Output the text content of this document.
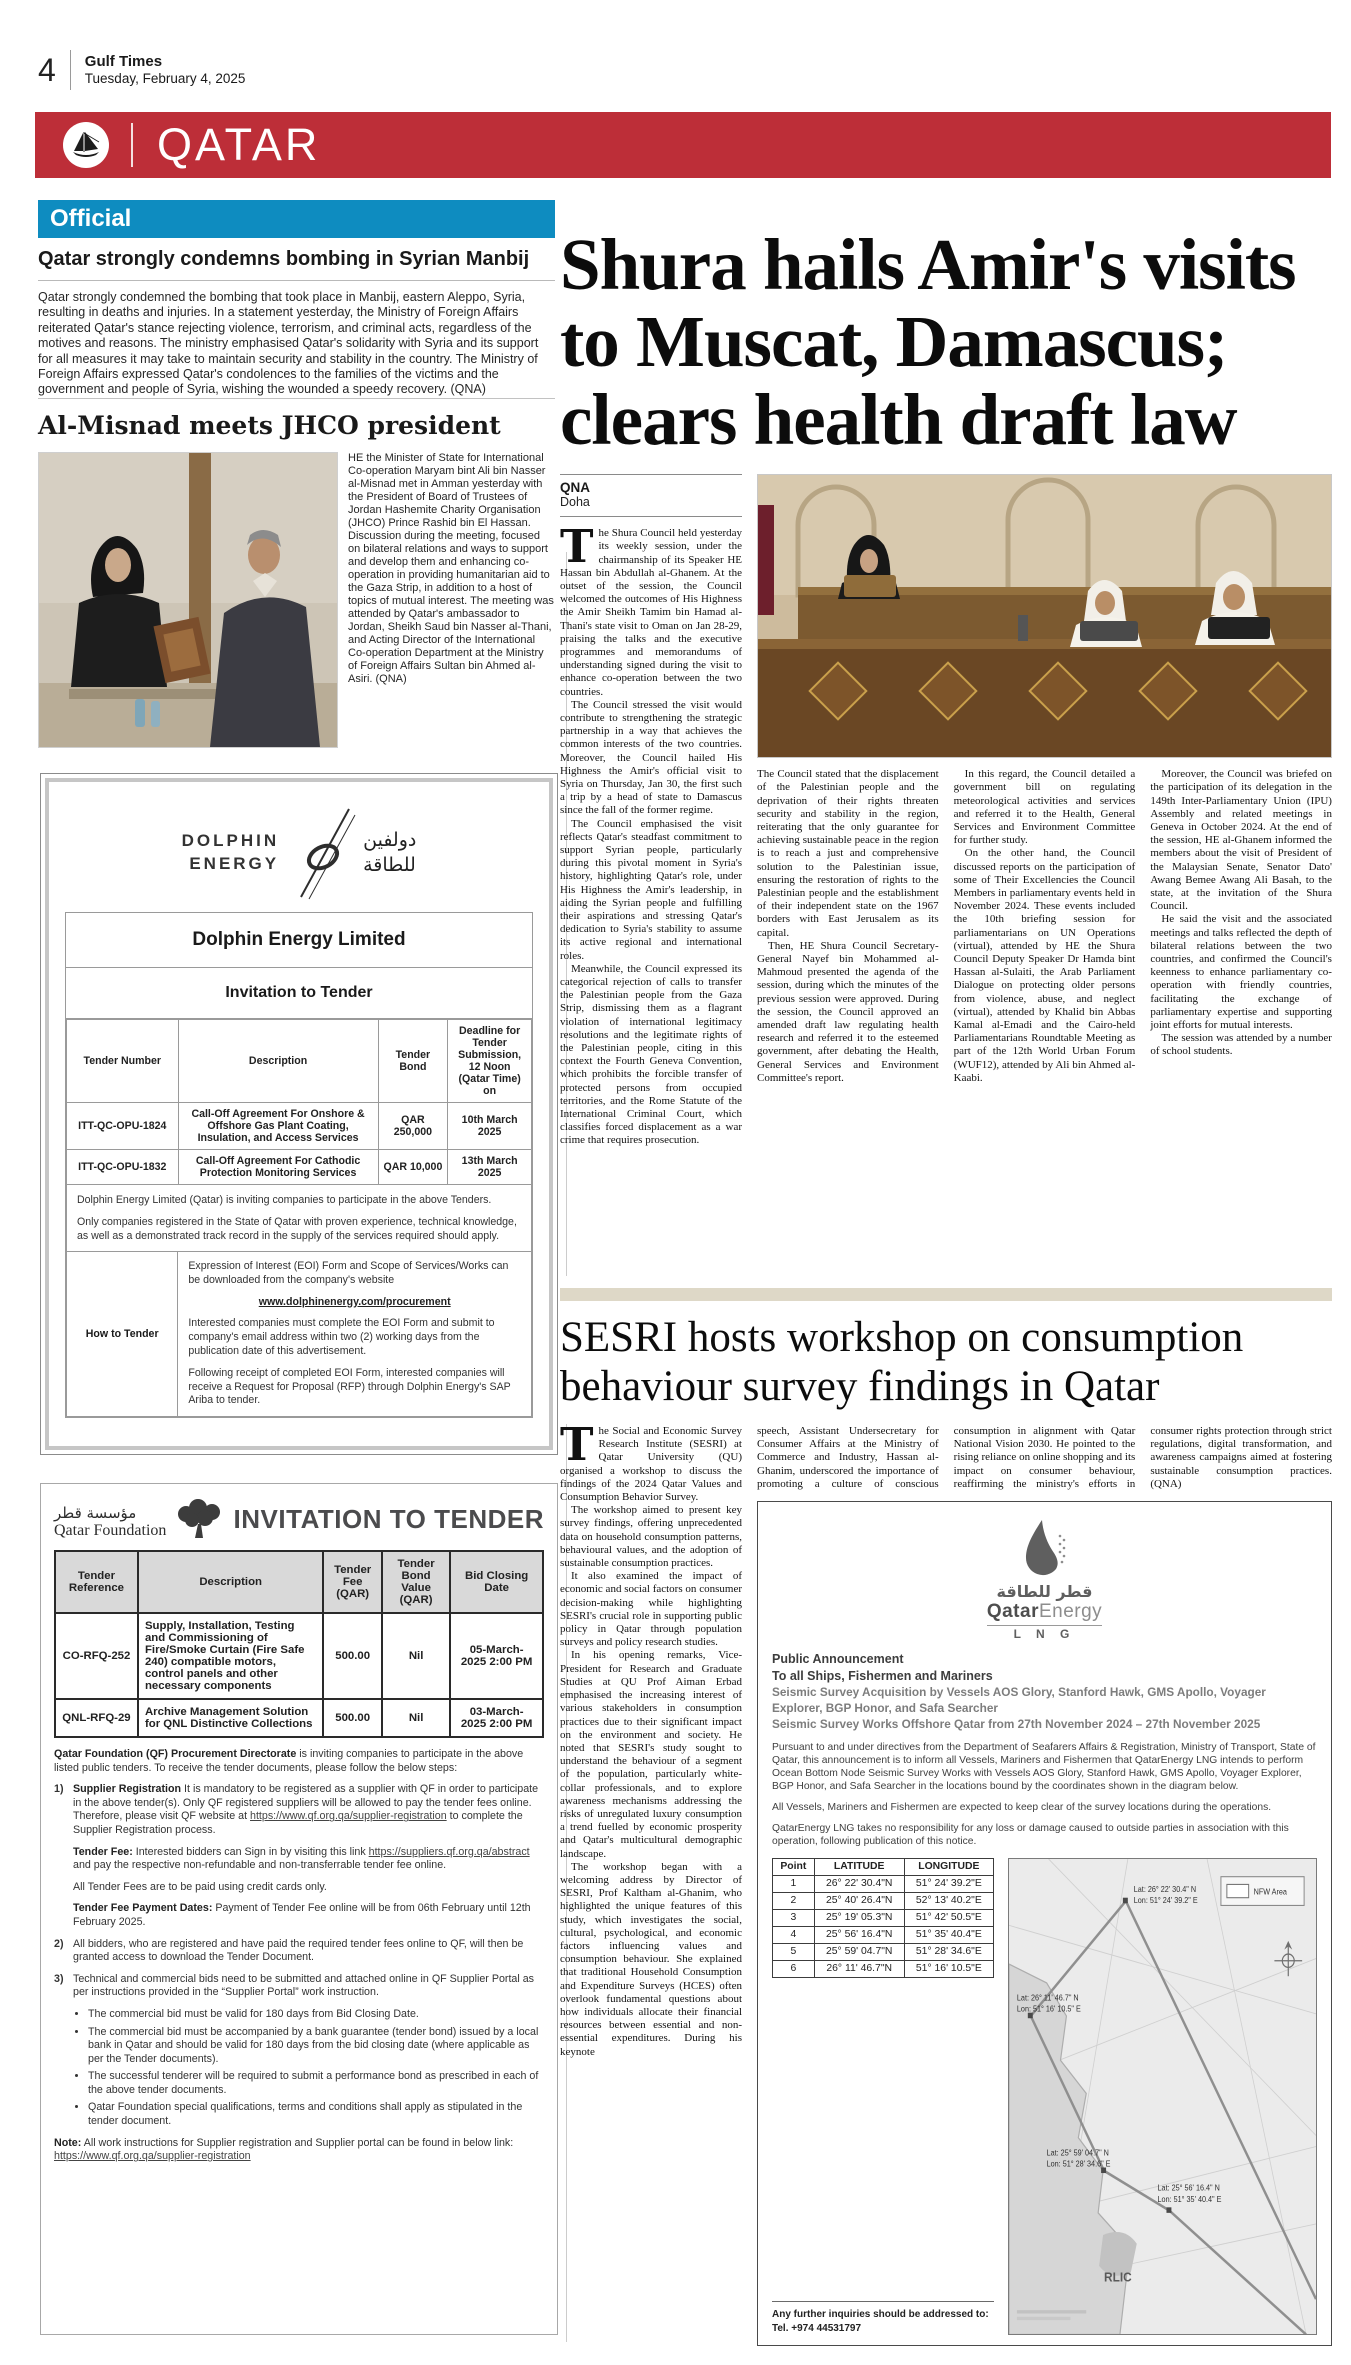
4 Gulf Times
Tuesday, February 4, 2025
QATAR
Official
Qatar strongly condemns bombing in Syrian Manbij
Qatar strongly condemned the bombing that took place in Manbij, eastern Aleppo, Syria, resulting in deaths and injuries. In a statement yesterday, the Ministry of Foreign Affairs reiterated Qatar's stance rejecting violence, terrorism, and criminal acts, regardless of the motives and reasons. The ministry emphasised Qatar's solidarity with Syria and its support for all measures it may take to maintain security and stability in the country. The Ministry of Foreign Affairs expressed Qatar's condolences to the families of the victims and the government and people of Syria, wishing the wounded a speedy recovery. (QNA)
Al-Misnad meets JHCO president
HE the Minister of State for International Co-operation Maryam bint Ali bin Nasser al-Misnad met in Amman yesterday with the President of Board of Trustees of Jordan Hashemite Charity Organisation (JHCO) Prince Rashid bin El Hassan. Discussion during the meeting, focused on bilateral relations and ways to support and develop them and enhancing co-operation in providing humanitarian aid to the Gaza Strip, in addition to a host of topics of mutual interest. The meeting was attended by Qatar's ambassador to Jordan, Sheikh Saud bin Nasser al-Thani, and Acting Director of the International Co-operation Department at the Ministry of Foreign Affairs Sultan bin Ahmed al-Asiri. (QNA)
DOLPHIN
ENERGY
دولفين
للطاقة
Dolphin Energy Limited
Invitation to Tender
Tender Number	Description	Tender Bond	Deadline for Tender Submission, 12 Noon (Qatar Time) on
ITT-QC-OPU-1824	Call-Off Agreement For Onshore & Offshore Gas Plant Coating, Insulation, and Access Services	QAR 250,000	10th March 2025
ITT-QC-OPU-1832	Call-Off Agreement For Cathodic Protection Monitoring Services	QAR 10,000	13th March 2025

Dolphin Energy Limited (Qatar) is inviting companies to participate in the above Tenders.

Only companies registered in the State of Qatar with proven experience, technical knowledge, as well as a demonstrated track record in the supply of the services required should apply.

How to Tender

Expression of Interest (EOI) Form and Scope of Services/Works can be downloaded from the company's website

www.dolphinenergy.com/procurement

Interested companies must complete the EOI Form and submit to company's email address within two (2) working days from the publication date of this advertisement.

Following receipt of completed EOI Form, interested companies will receive a Request for Proposal (RFP) through Dolphin Energy's SAP Ariba to tender.

مؤسسة قطر
Qatar Foundation	INVITATION TO TENDER
Tender Reference	Description	Tender Fee (QAR)	Tender Bond Value (QAR)	Bid Closing Date
CO-RFQ-252	Supply, Installation, Testing and Commissioning of Fire/Smoke Curtain (Fire Safe 240) compatible motors, control panels and other necessary components	500.00	Nil	05-March-2025 2:00 PM
QNL-RFQ-29	Archive Management Solution for QNL Distinctive Collections	500.00	Nil	03-March-2025 2:00 PM

Qatar Foundation (QF) Procurement Directorate is inviting companies to participate in the above listed public tenders. To receive the tender documents, please follow the below steps:

1) Supplier Registration It is mandatory to be registered as a supplier with QF in order to participate in the above tender(s). Only QF registered suppliers will be allowed to pay the tender fees online. Therefore, please visit QF website at https://www.qf.org.qa/supplier-registration to complete the Supplier Registration process.

Tender Fee: Interested bidders can Sign in by visiting this link https://suppliers.qf.org.qa/abstract and pay the respective non-refundable and non-transferrable tender fee online.

All Tender Fees are to be paid using credit cards only.

Tender Fee Payment Dates: Payment of Tender Fee online will be from 06th February until 12th February 2025.

2) All bidders, who are registered and have paid the required tender fees online to QF, will then be granted access to download the Tender Document.
3) Technical and commercial bids need to be submitted and attached online in QF Supplier Portal as per instructions provided in the “Supplier Portal” work instruction.
• The commercial bid must be valid for 180 days from Bid Closing Date.
• The commercial bid must be accompanied by a bank guarantee (tender bond) issued by a local bank in Qatar and should be valid for 180 days from the bid closing date (where applicable as per the Tender documents).
• The successful tenderer will be required to submit a performance bond as prescribed in each of the above tender documents.
• Qatar Foundation special qualifications, terms and conditions shall apply as stipulated in the tender document.

Note: All work instructions for Supplier registration and Supplier portal can be found in below link:
https://www.qf.org.qa/supplier-registration

Shura hails Amir's visits to Muscat, Damascus; clears health draft law
QNA
Doha

The Shura Council held yesterday its weekly session, under the chairmanship of its Speaker HE Hassan bin Abdullah al-Ghanem. At the outset of the session, the Council welcomed the outcomes of His Highness the Amir Sheikh Tamim bin Hamad al-Thani's state visit to Oman on Jan 28-29, praising the talks and the executive programmes and memorandums of understanding signed during the visit to enhance co-operation between the two countries.

The Council stressed the visit would contribute to strengthening the strategic partnership in a way that achieves the common interests of the two countries. Moreover, the Council hailed His Highness the Amir's official visit to Syria on Thursday, Jan 30, the first such a trip by a head of state to Damascus since the fall of the former regime.

The Council emphasised the visit reflects Qatar's steadfast commitment to support Syrian people, particularly during this pivotal moment in Syria's history, highlighting Qatar's role, under His Highness the Amir's leadership, in aiding the Syrian people and fulfilling their aspirations and stressing Qatar's dedication to Syria's stability to assume its active regional and international roles.

Meanwhile, the Council expressed its categorical rejection of calls to transfer the Palestinian people from the Gaza Strip, dismissing them as a flagrant violation of international legitimacy resolutions and the legitimate rights of the Palestinian people, citing in this context the Fourth Geneva Convention, which prohibits the forcible transfer of protected persons from occupied territories, and the Rome Statute of the International Criminal Court, which classifies forced displacement as a war crime that requires prosecution.

The Council stated that the displacement of the Palestinian people and the deprivation of their rights threaten security and stability in the region, reiterating that the only guarantee for achieving sustainable peace in the region is to reach a just and comprehensive solution to the Palestinian issue, ensuring the restoration of rights to the Palestinian people and the establishment of their independent state on the 1967 borders with East Jerusalem as its capital.

Then, HE Shura Council Secretary-General Nayef bin Mohammed al-Mahmoud presented the agenda of the session, during which the minutes of the previous session were approved. During the session, the Council approved an amended draft law regulating health research and referred it to the esteemed government, after debating the Health, General Services and Environment Committee's report.

In this regard, the Council detailed a government bill on regulating meteorological activities and services and referred it to the Health, General Services and Environment Committee for further study.

On the other hand, the Council discussed reports on the participation of some of Their Excellencies the Council Members in parliamentary events held in November 2024. These events included the 10th briefing session for parliamentarians on UN Operations (virtual), attended by HE the Shura Council Deputy Speaker Dr Hamda bint Hassan al-Sulaiti, the Arab Parliament Dialogue on protecting older persons from violence, abuse, and neglect (virtual), attended by Khalid bin Abbas Kamal al-Emadi and the Cairo-held Parliamentarians Roundtable Meeting as part of the 12th World Urban Forum (WUF12), attended by Ali bin Ahmed al-Kaabi.

Moreover, the Council was briefed on the participation of its delegation in the 149th Inter-Parliamentary Union (IPU) Assembly and related meetings in Geneva in October 2024. At the end of the session, HE al-Ghanem informed the members about the visit of President of the Malaysian Senate, Senator Dato' Awang Bemee Awang Ali Basah, to the state, at the invitation of the Shura Council.

He said the visit and the associated meetings and talks reflected the depth of bilateral relations between the two countries, and confirmed the Council's keenness to enhance parliamentary co-operation with friendly countries, facilitating the exchange of parliamentary expertise and supporting joint efforts for mutual interests.

The session was attended by a number of school students.

SESRI hosts workshop on consumption behaviour survey findings in Qatar

The Social and Economic Survey Research Institute (SESRI) at Qatar University (QU) organised a workshop to discuss the findings of the 2024 Qatar Values and Consumption Behavior Survey.

The workshop aimed to present key survey findings, offering unprecedented data on household consumption patterns, behavioural values, and the adoption of sustainable consumption practices.

It also examined the impact of economic and social factors on consumer decision-making while highlighting SESRI's crucial role in supporting public policy in Qatar through population surveys and policy research studies.

In his opening remarks, Vice-President for Research and Graduate Studies at QU Prof Aiman Erbad emphasised the increasing interest of various stakeholders in consumption practices due to their significant impact on the environment and society. He noted that SESRI's study sought to understand the behaviour of a segment of the population, particularly white-collar professionals, and to explore awareness mechanisms addressing the risks of unregulated luxury consumption a trend fuelled by economic prosperity and Qatar's multicultural demographic landscape.

The workshop began with a welcoming address by Director of SESRI, Prof Kaltham al-Ghanim, who highlighted the unique features of this study, which investigates the social, cultural, psychological, and economic factors influencing values and consumption behaviour. She explained that traditional Household Consumption and Expenditure Surveys (HCES) often overlook fundamental questions about how individuals allocate their financial resources between essential and non-essential expenditures. During his keynote

speech, Assistant Undersecretary for Consumer Affairs at the Ministry of Commerce and Industry, Hassan al-Ghanim, underscored the importance of promoting a culture of conscious consumption in alignment with Qatar National Vision 2030. He pointed to the rising reliance on online shopping and its impact on consumer behaviour, reaffirming the ministry's efforts in consumer rights protection through strict regulations, digital transformation, and awareness campaigns aimed at fostering sustainable consumption practices. (QNA)

قطر للطاقة
QatarEnergy
L N G
Public Announcement
To all Ships, Fishermen and Mariners
Seismic Survey Acquisition by Vessels AOS Glory, Stanford Hawk, GMS Apollo, Voyager Explorer, BGP Honor, and Safa Searcher
Seismic Survey Works Offshore Qatar from 27th November 2024 – 27th November 2025

Pursuant to and under directives from the Department of Seafarers Affairs & Registration, Ministry of Transport, State of Qatar, this announcement is to inform all Vessels, Mariners and Fishermen that QatarEnergy LNG intends to perform Ocean Bottom Node Seismic Survey Works with Vessels AOS Glory, Stanford Hawk, GMS Apollo, Voyager Explorer, BGP Honor, and Safa Searcher in the locations bound by the coordinates shown in the diagram below.

All Vessels, Mariners and Fishermen are expected to keep clear of the survey locations during the operations.

QatarEnergy LNG takes no responsibility for any loss or damage caused to outside parties in association with this operation, following publication of this notice.

Point	LATITUDE	LONGITUDE
1	26° 22' 30.4"N	51° 24' 39.2"E
2	25° 40' 26.4"N	52° 13' 40.2"E
3	25° 19' 05.3"N	51° 42' 50.5"E
4	25° 56' 16.4"N	51° 35' 40.4"E
5	25° 59' 04.7"N	51° 28' 34.6"E
6	26° 11' 46.7"N	51° 16' 10.5"E
Any further inquiries should be addressed to: Tel. +974 44531797
Lat: 26° 22' 30.4" N
Lon: 51° 24' 39.2" E
Lat: 26° 11' 46.7" N
Lon: 51° 16' 10.5" E
Lat: 25° 59' 04.7" N
Lon: 51° 28' 34.6" E
Lat: 25° 56' 16.4" N
Lon: 51° 35' 40.4" E
RLIC
NFW Area
